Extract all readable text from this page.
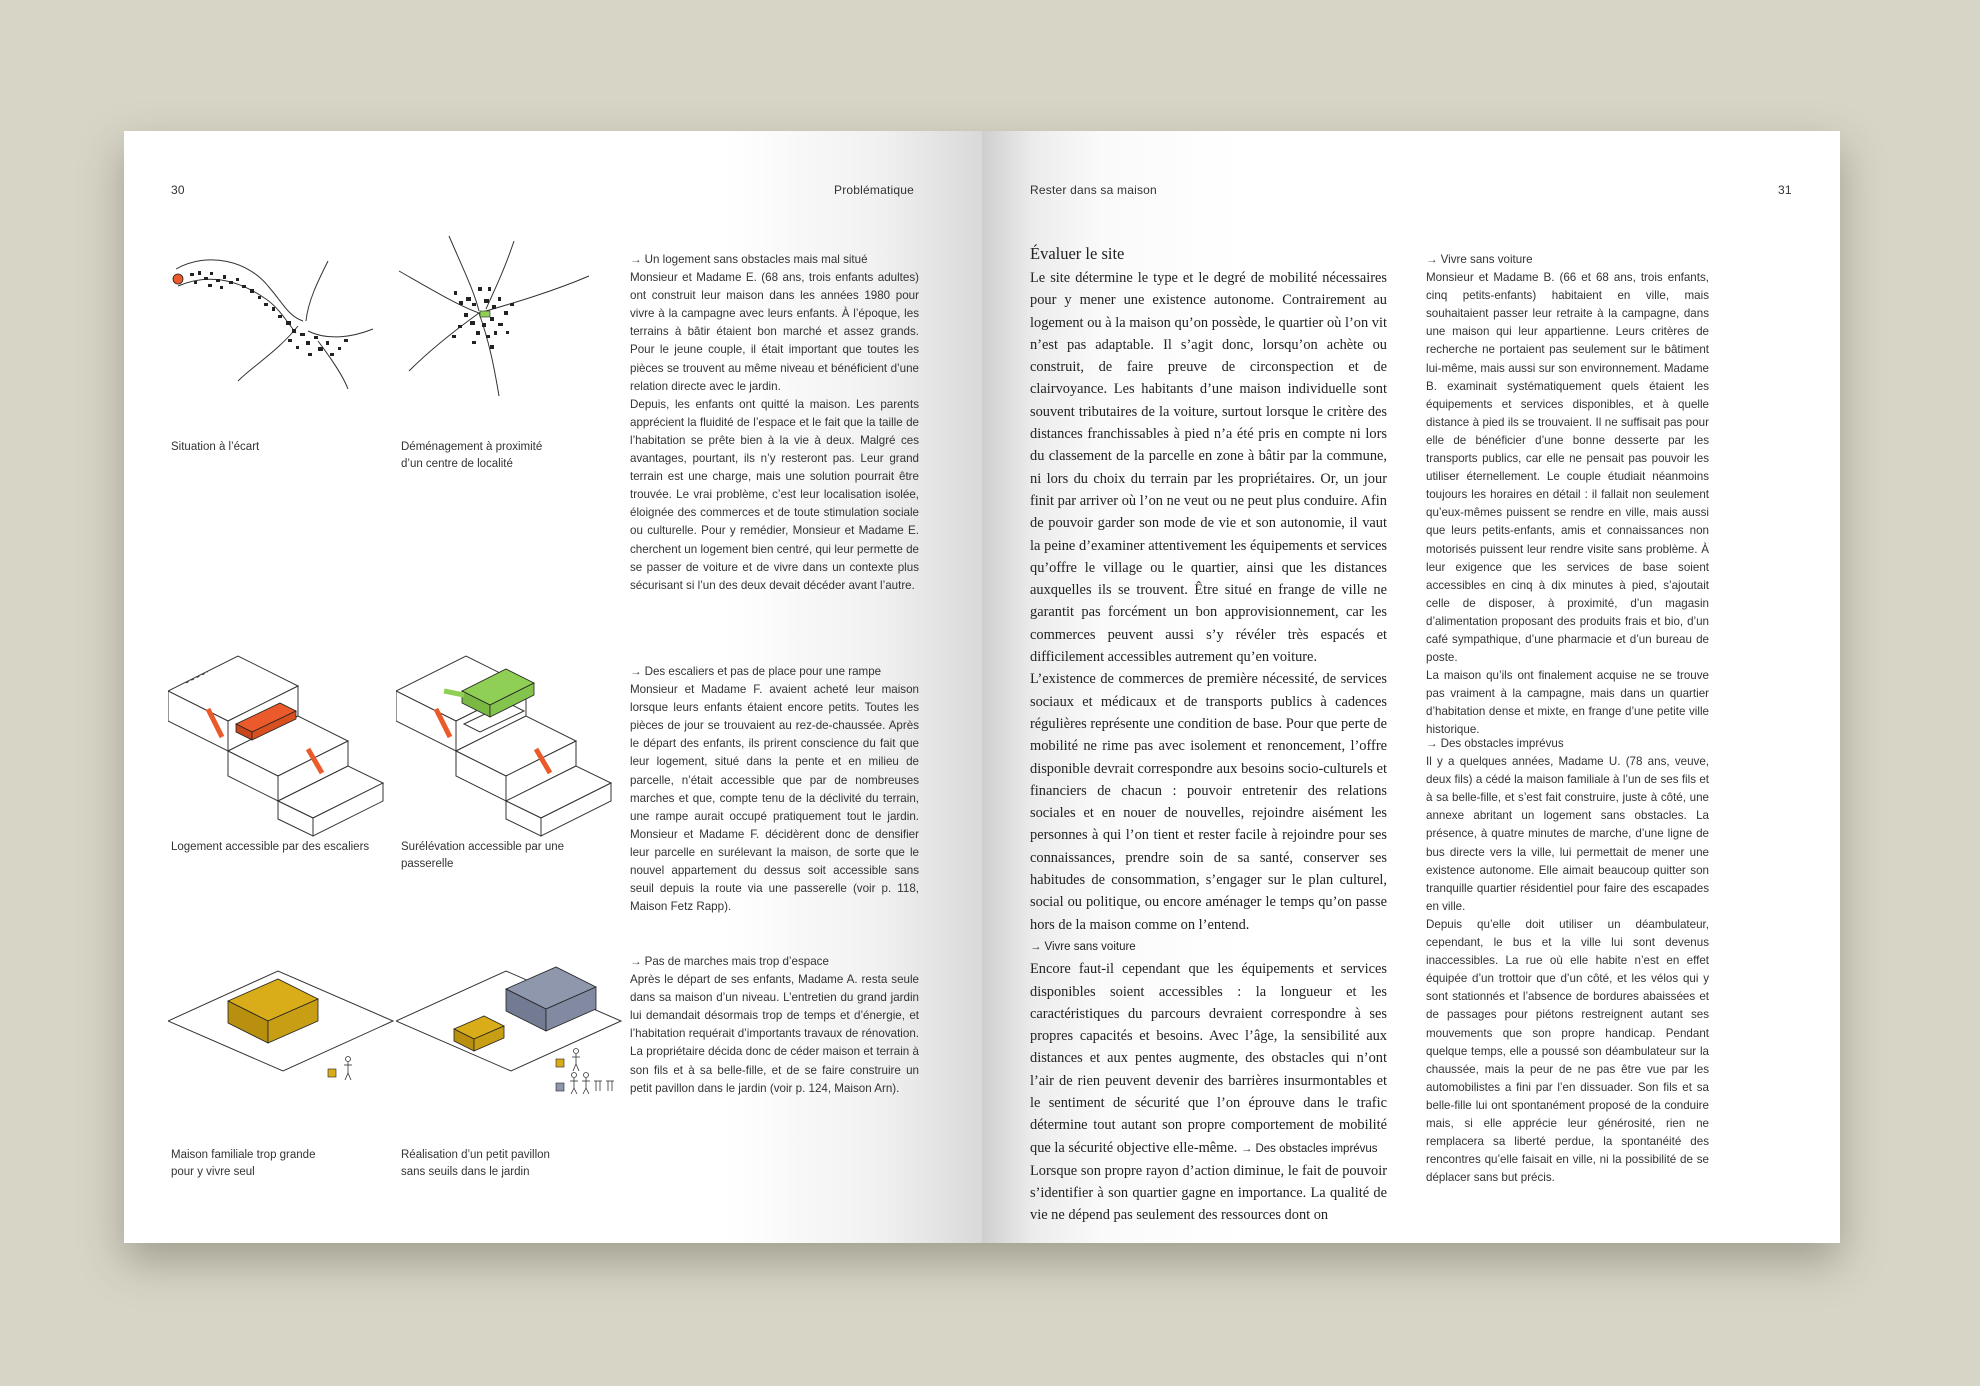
30	Problématique
Situation à l’écart	Déménagement à proximité
d’un centre de localité
Logement accessible par des escaliers	Surélévation accessible par une
passerelle
Maison familiale trop grande
pour y vivre seul
Réalisation d’un petit pavillon
sans seuils dans le jardin
→ Un logement sans obstacles mais mal situé

Monsieur et Madame E. (68 ans, trois enfants adultes) ont construit leur maison dans les années 1980 pour vivre à la campagne avec leurs enfants. À l’époque, les terrains à bâtir étaient bon marché et assez grands. Pour le jeune couple, il était important que toutes les pièces se trouvent au même niveau et bénéficient d’une relation directe avec le jardin.

Depuis, les enfants ont quitté la maison. Les parents apprécient la fluidité de l’espace et le fait que la taille de l’habitation se prête bien à la vie à deux. Malgré ces avantages, pourtant, ils n’y resteront pas. Leur grand terrain est une charge, mais une solution pourrait être trouvée. Le vrai problème, c’est leur localisation isolée, éloignée des commerces et de toute stimulation sociale ou culturelle. Pour y remédier, Monsieur et Madame E. cherchent un logement bien centré, qui leur permette de se passer de voiture et de vivre dans un contexte plus sécurisant si l’un des deux devait décéder avant l’autre.

→ Des escaliers et pas de place pour une rampe

Monsieur et Madame F. avaient acheté leur maison lorsque leurs enfants étaient encore petits. Toutes les pièces de jour se trouvaient au rez-de-chaussée. Après le départ des enfants, ils prirent conscience du fait que leur logement, situé dans la pente et en milieu de parcelle, n’était accessible que par de nombreuses marches et que, compte tenu de la déclivité du terrain, une rampe aurait occupé pratiquement tout le jardin. Monsieur et Madame F. décidèrent donc de densifier leur parcelle en surélevant la maison, de sorte que le nouvel appartement du dessus soit accessible sans seuil depuis la route via une passerelle (voir p. 118, Maison Fetz Rapp).

→ Pas de marches mais trop d’espace

Après le départ de ses enfants, Madame A. resta seule dans sa maison d’un niveau. L’entretien du grand jardin lui demandait désormais trop de temps et d’énergie, et l’habitation requérait d’importants travaux de rénovation. La propriétaire décida donc de céder maison et terrain à son fils et à sa belle-fille, et de se faire construire un petit pavillon dans le jardin (voir p. 124, Maison Arn).

Rester dans sa maison	31
Évaluer le site

Le site détermine le type et le degré de mobilité nécessaires pour y mener une existence autonome. Contrairement au logement ou à la maison qu’on possède, le quartier où l’on vit n’est pas adaptable. Il s’agit donc, lorsqu’on achète ou construit, de faire preuve de circonspection et de clairvoyance. Les habitants d’une maison individuelle sont souvent tributaires de la voiture, surtout lorsque le critère des distances franchissables à pied n’a été pris en compte ni lors du classement de la parcelle en zone à bâtir par la commune, ni lors du choix du terrain par les propriétaires. Or, un jour finit par arriver où l’on ne veut ou ne peut plus conduire. Afin de pouvoir garder son mode de vie et son autonomie, il vaut la peine d’examiner attentivement les équipements et services qu’offre le village ou le quartier, ainsi que les distances auxquelles ils se trouvent. Être situé en frange de ville ne garantit pas forcément un bon approvisionnement, car les commerces peuvent aussi s’y révéler très espacés et difficilement accessibles autrement qu’en voiture.

L’existence de commerces de première nécessité, de services sociaux et médicaux et de transports publics à cadences régulières représente une condition de base. Pour que perte de mobilité ne rime pas avec isolement et renoncement, l’offre disponible devrait correspondre aux besoins socio-culturels et financiers de chacun : pouvoir entretenir des relations sociales et en nouer de nouvelles, rejoindre aisément les personnes à qui l’on tient et rester facile à rejoindre pour ses connaissances, prendre soin de sa santé, conserver ses habitudes de consommation, s’engager sur le plan culturel, social ou politique, ou encore aménager le temps qu’on passe hors de la maison comme on l’entend.

→ Vivre sans voiture

Encore faut-il cependant que les équipements et services disponibles soient accessibles : la longueur et les caractéristiques du parcours devraient correspondre à ses propres capacités et besoins. Avec l’âge, la sensibilité aux distances et aux pentes augmente, des obstacles qui n’ont l’air de rien peuvent devenir des barrières insurmontables et le sentiment de sécurité que l’on éprouve dans le trafic détermine tout autant son propre comportement de mobilité que la sécurité objective elle-même. → Des obstacles imprévus

Lorsque son propre rayon d’action diminue, le fait de pouvoir s’identifier à son quartier gagne en importance. La qualité de vie ne dépend pas seulement des ressources dont on

→ Vivre sans voiture

Monsieur et Madame B. (66 et 68 ans, trois enfants, cinq petits-enfants) habitaient en ville, mais souhaitaient passer leur retraite à la campagne, dans une maison qui leur appartienne. Leurs critères de recherche ne portaient pas seulement sur le bâtiment lui-même, mais aussi sur son environnement. Madame B. examinait systématiquement quels étaient les équipements et services disponibles, et à quelle distance à pied ils se trouvaient. Il ne suffisait pas pour elle de bénéficier d’une bonne desserte par les transports publics, car elle ne pensait pas pouvoir les utiliser éternellement. Le couple étudiait néanmoins toujours les horaires en détail : il fallait non seulement qu’eux-mêmes puissent se rendre en ville, mais aussi que leurs petits-enfants, amis et connaissances non motorisés puissent leur rendre visite sans problème. À leur exigence que les services de base soient accessibles en cinq à dix minutes à pied, s’ajoutait celle de disposer, à proximité, d’un magasin d’alimentation proposant des produits frais et bio, d’un café sympathique, d’une pharmacie et d’un bureau de poste.

La maison qu’ils ont finalement acquise ne se trouve pas vraiment à la campagne, mais dans un quartier d’habitation dense et mixte, en frange d’une petite ville historique.

→ Des obstacles imprévus

Il y a quelques années, Madame U. (78 ans, veuve, deux fils) a cédé la maison familiale à l’un de ses fils et à sa belle-fille, et s’est fait construire, juste à côté, une annexe abritant un logement sans obstacles. La présence, à quatre minutes de marche, d’une ligne de bus directe vers la ville, lui permettait de mener une existence autonome. Elle aimait beaucoup quitter son tranquille quartier résidentiel pour faire des escapades en ville.

Depuis qu’elle doit utiliser un déambulateur, cependant, le bus et la ville lui sont devenus inaccessibles. La rue où elle habite n’est en effet équipée d’un trottoir que d’un côté, et les vélos qui y sont stationnés et l’absence de bordures abaissées et de passages pour piétons restreignent autant ses mouvements que son propre handicap. Pendant quelque temps, elle a poussé son déambulateur sur la chaussée, mais la peur de ne pas être vue par les automobilistes a fini par l’en dissuader. Son fils et sa belle-fille lui ont spontanément proposé de la conduire mais, si elle apprécie leur générosité, rien ne remplacera sa liberté perdue, la spontanéité des rencontres qu’elle faisait en ville, ni la possibilité de se déplacer sans but précis.
